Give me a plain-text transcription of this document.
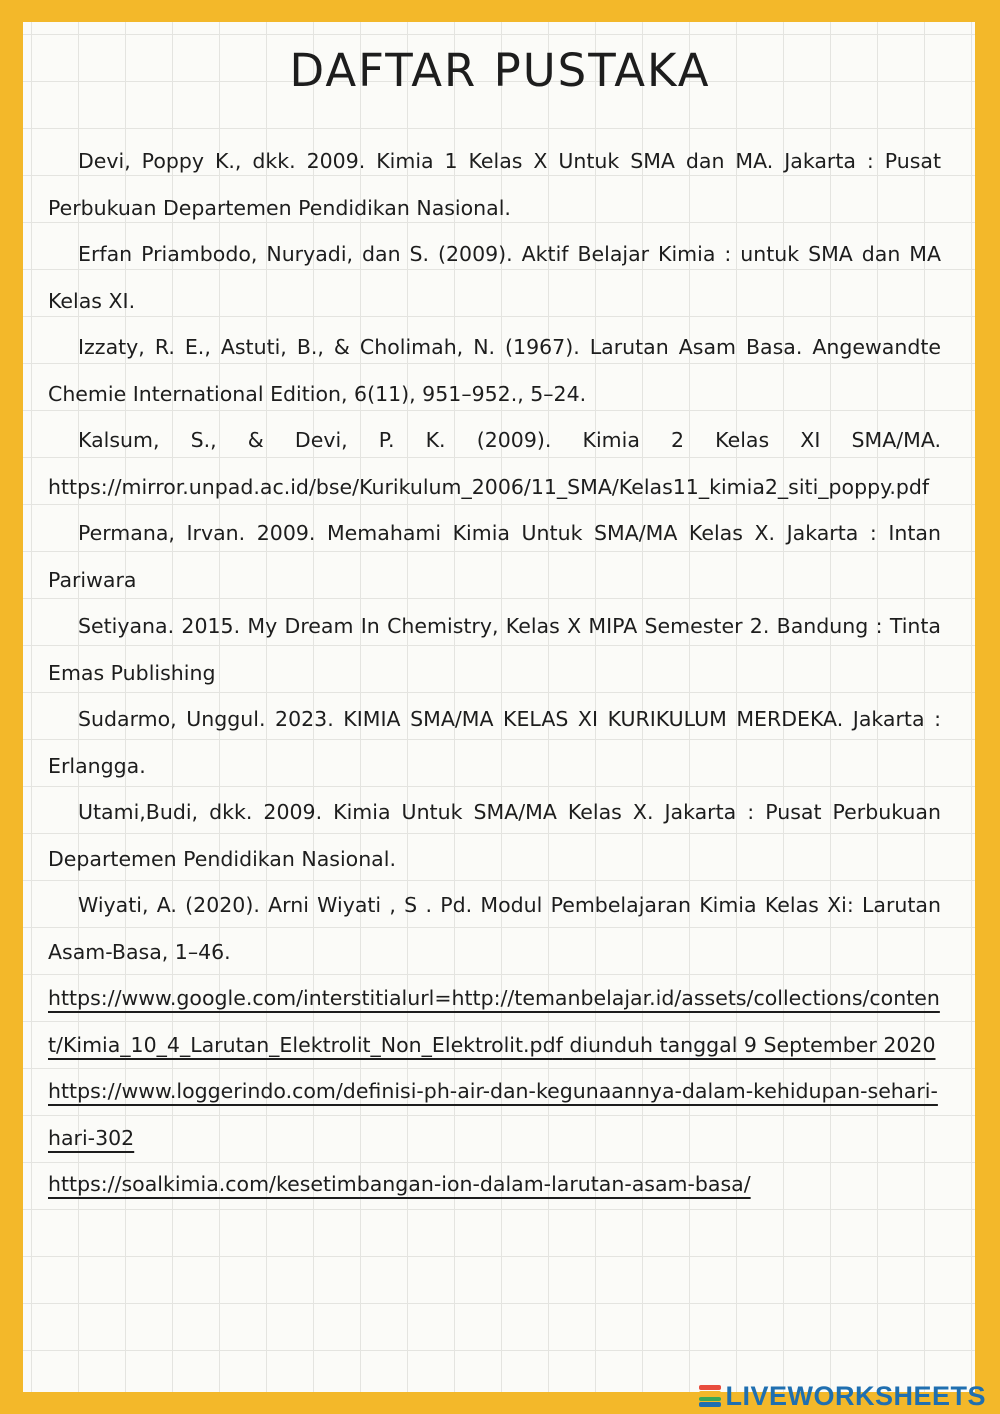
DAFTAR PUSTAKA

Devi, Poppy K., dkk. 2009. Kimia 1 Kelas X Untuk SMA dan MA. Jakarta : Pusat Perbukuan Departemen Pendidikan Nasional.

Erfan Priambodo, Nuryadi, dan S. (2009). Aktif Belajar Kimia : untuk SMA dan MA Kelas XI.

Izzaty, R. E., Astuti, B., & Cholimah, N. (1967). Larutan Asam Basa. Angewandte Chemie International Edition, 6(11), 951–952., 5–24.

Kalsum, S., & Devi, P. K. (2009). Kimia 2 Kelas XI SMA/MA. https://mirror.unpad.ac.id/bse/Kurikulum_2006/11_SMA/Kelas11_kimia2_siti_poppy.pdf

Permana, Irvan. 2009. Memahami Kimia Untuk SMA/MA Kelas X. Jakarta : Intan Pariwara

Setiyana. 2015. My Dream In Chemistry, Kelas X MIPA Semester 2. Bandung : Tinta Emas Publishing

Sudarmo, Unggul. 2023. KIMIA SMA/MA KELAS XI KURIKULUM MERDEKA. Jakarta : Erlangga.

Utami,Budi, dkk. 2009. Kimia Untuk SMA/MA Kelas X. Jakarta : Pusat Perbukuan Departemen Pendidikan Nasional.

Wiyati, A. (2020). Arni Wiyati , S . Pd. Modul Pembelajaran Kimia Kelas Xi: Larutan Asam-Basa, 1–46.

https://www.google.com/interstitialurl=http://temanbelajar.id/assets/collections/content/Kimia_10_4_Larutan_Elektrolit_Non_Elektrolit.pdf diunduh tanggal 9 September 2020

https://www.loggerindo.com/definisi-ph-air-dan-kegunaannya-dalam-kehidupan-sehari-hari-302

https://soalkimia.com/kesetimbangan-ion-dalam-larutan-asam-basa/

LIVEWORKSHEETS
